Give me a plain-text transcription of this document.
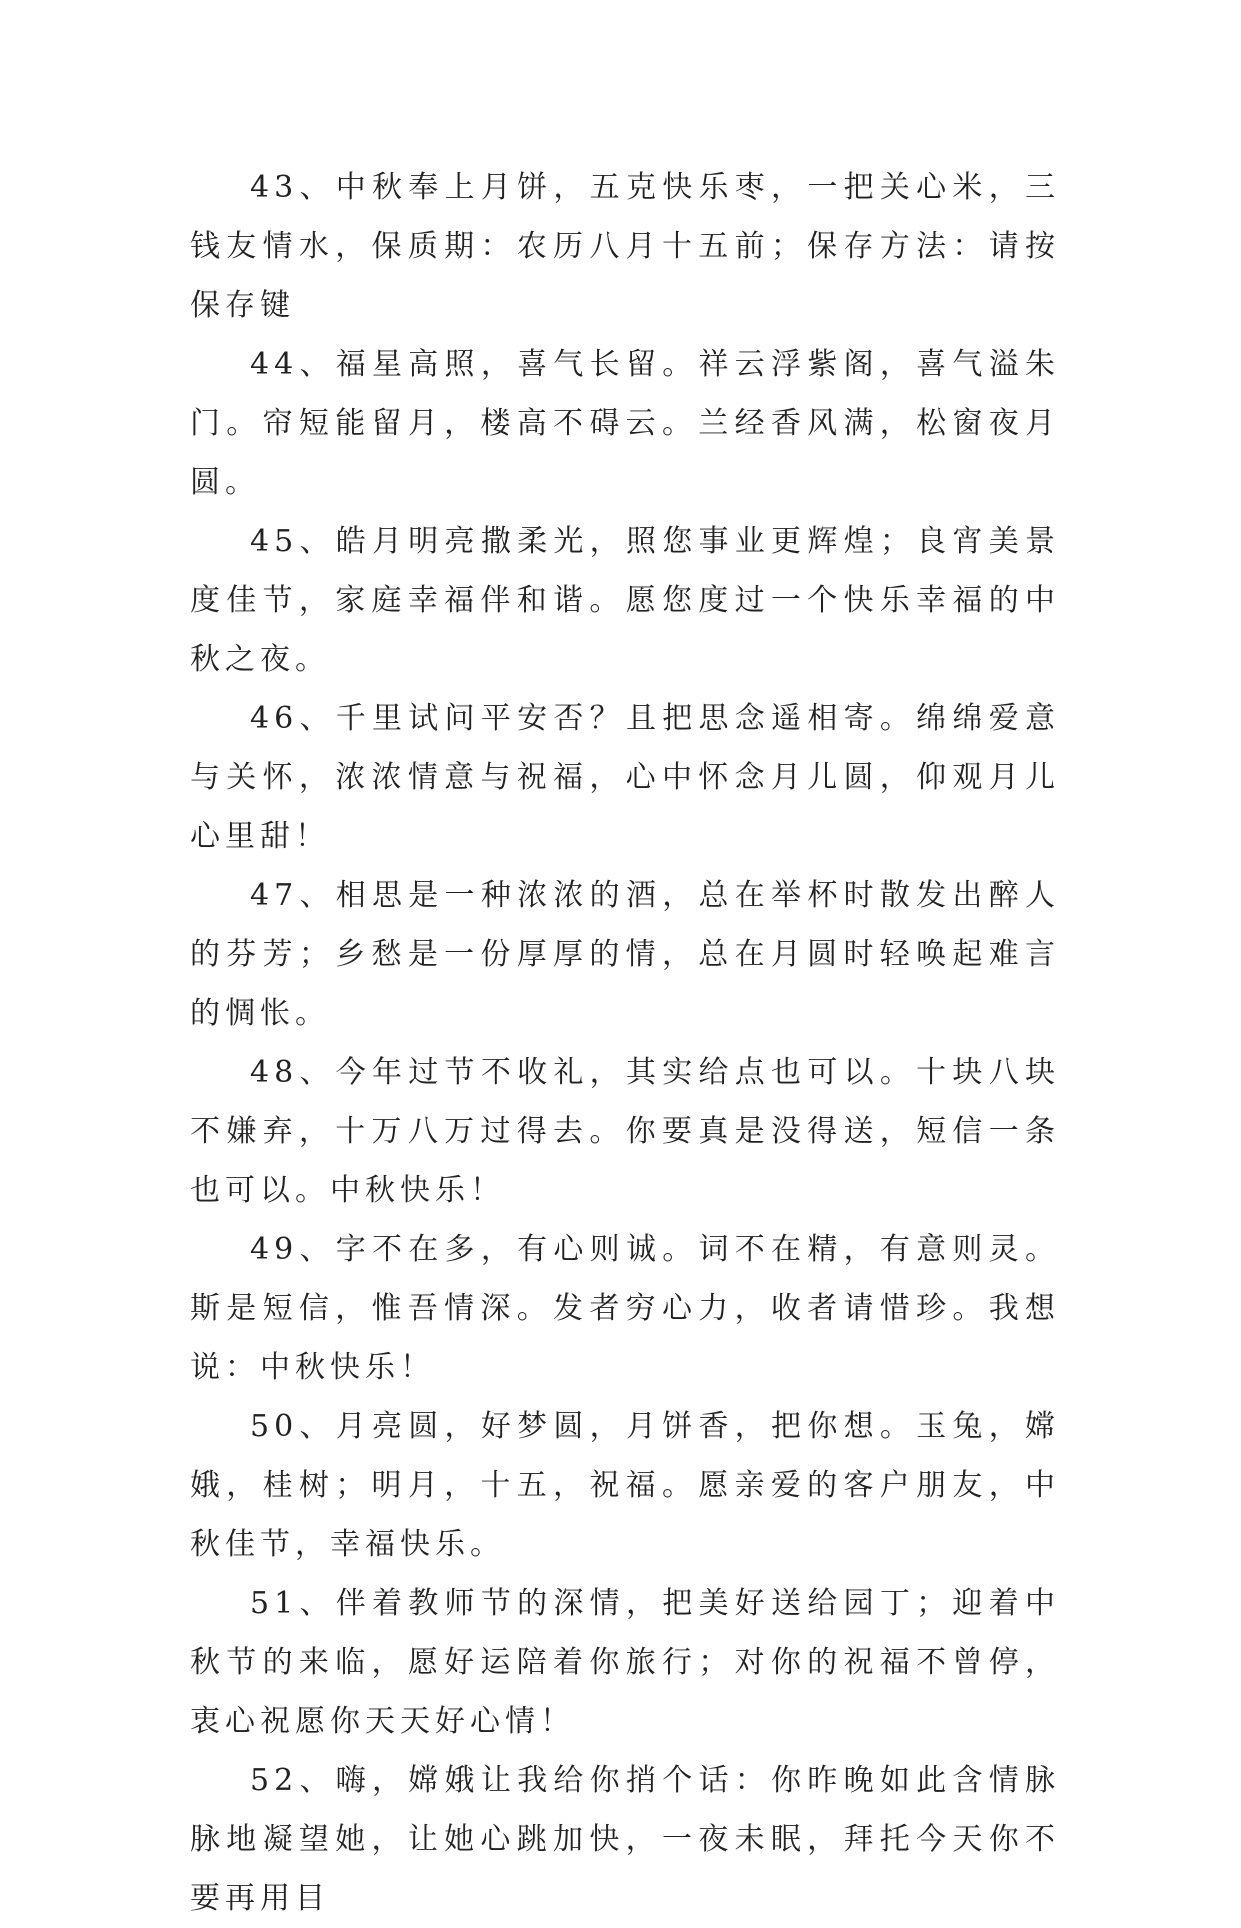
43、中秋奉上月饼，五克快乐枣，一把关心米，三钱友情水，保质期：农历八月十五前；保存方法：请按保存键

44、福星高照，喜气长留。祥云浮紫阁，喜气溢朱门。帘短能留月，楼高不碍云。兰经香风满，松窗夜月圆。

45、皓月明亮撒柔光，照您事业更辉煌；良宵美景度佳节，家庭幸福伴和谐。愿您度过一个快乐幸福的中秋之夜。

46、千里试问平安否？且把思念遥相寄。绵绵爱意与关怀，浓浓情意与祝福，心中怀念月儿圆，仰观月儿心里甜！

47、相思是一种浓浓的酒，总在举杯时散发出醉人的芬芳；乡愁是一份厚厚的情，总在月圆时轻唤起难言的惆怅。

48、今年过节不收礼，其实给点也可以。十块八块不嫌弃，十万八万过得去。你要真是没得送，短信一条也可以。中秋快乐！

49、字不在多，有心则诚。词不在精，有意则灵。斯是短信，惟吾情深。发者穷心力，收者请惜珍。我想说：中秋快乐！

50、月亮圆，好梦圆，月饼香，把你想。玉兔，嫦娥，桂树；明月，十五，祝福。愿亲爱的客户朋友，中秋佳节，幸福快乐。

51、伴着教师节的深情，把美好送给园丁；迎着中秋节的来临，愿好运陪着你旅行；对你的祝福不曾停，衷心祝愿你天天好心情！

52、嗨，嫦娥让我给你捎个话：你昨晚如此含情脉脉地凝望她，让她心跳加快，一夜未眠，拜托今天你不要再用目
